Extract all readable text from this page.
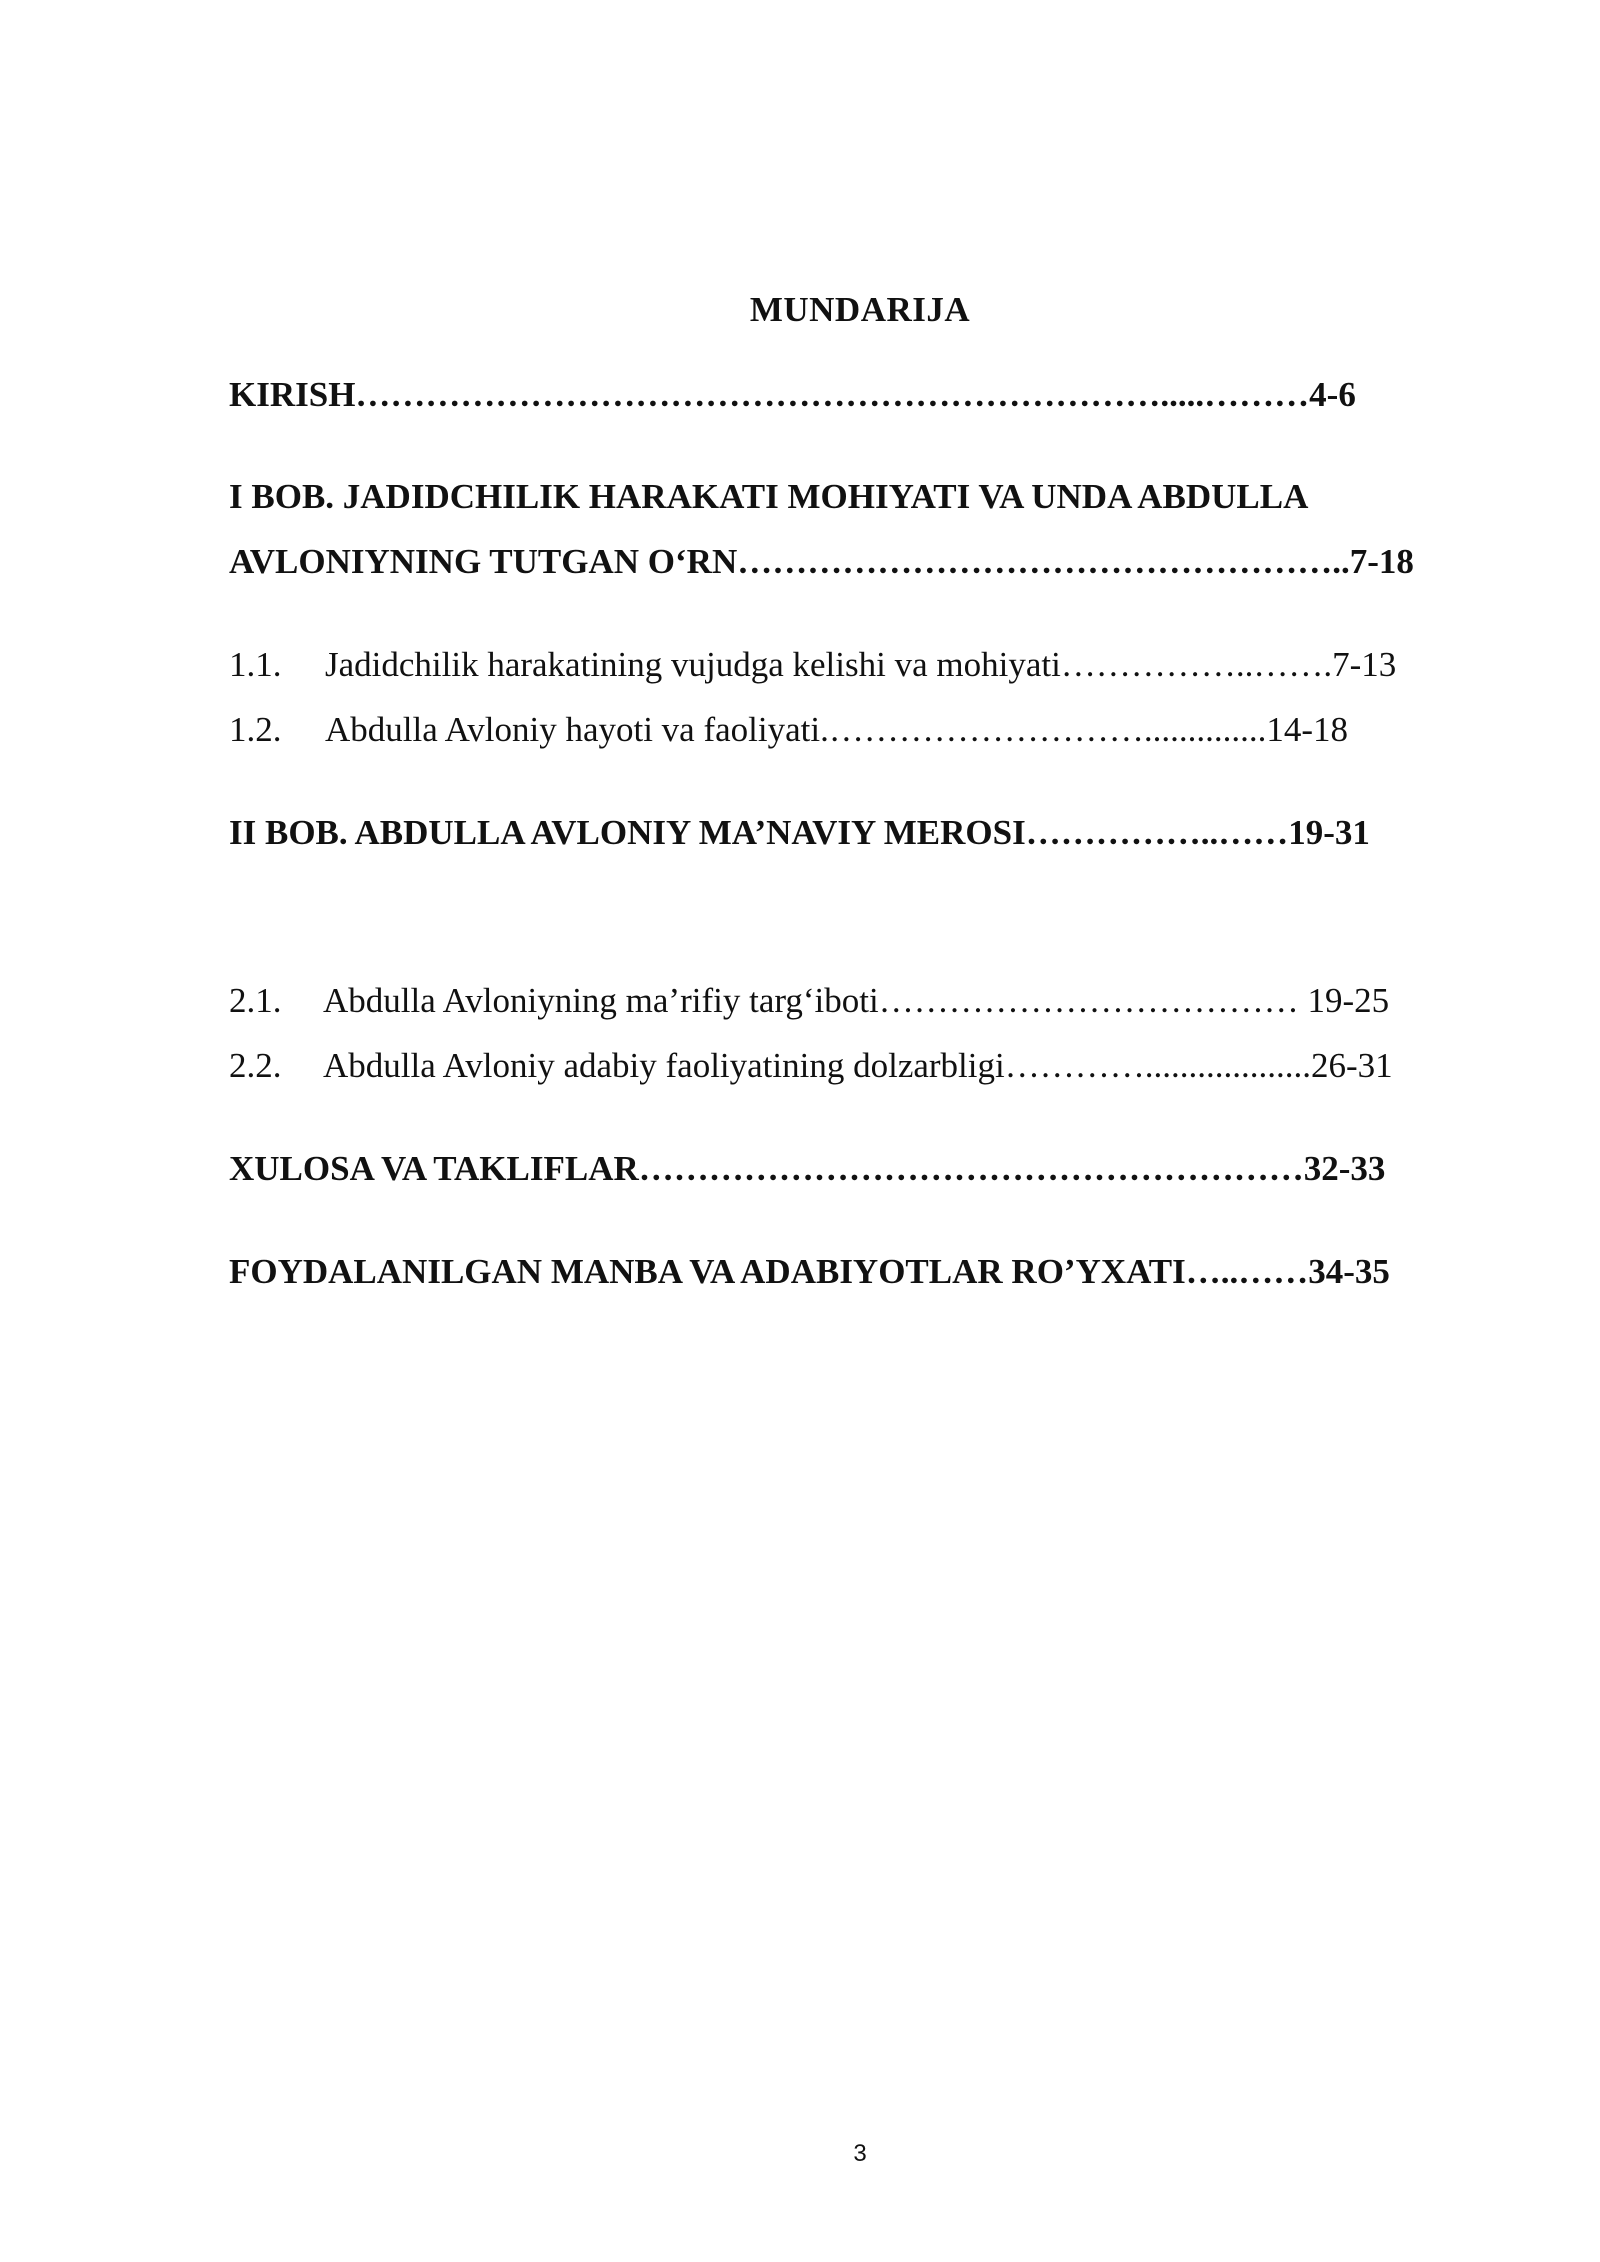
MUNDARIJA
KIRISH…………………………………………………………….....………4-6
I BOB. JADIDCHILIK HARAKATI MOHIYATI VA UNDA ABDULLA
AVLONIYNING TUTGAN O‘RN……………………………………………..7-18
1.1. Jadidchilik harakatining vujudga kelishi va mohiyati……………..…….7-13
1.2. Abdulla Avloniy hayoti va faoliyati.………………………..............14-18
II BOB. ABDULLA AVLONIY MA’NAVIY MEROSI……………..……19-31
2.1. Abdulla Avloniyning ma’rifiy targ‘iboti……………………………… 19-25
2.2. Abdulla Avloniy adabiy faoliyatining dolzarbligi…………...................26-31
XULOSA VA TAKLIFLAR…………………………………………………32-33
FOYDALANILGAN MANBA VA ADABIYOTLAR RO’YXATI…..……34-35
3
